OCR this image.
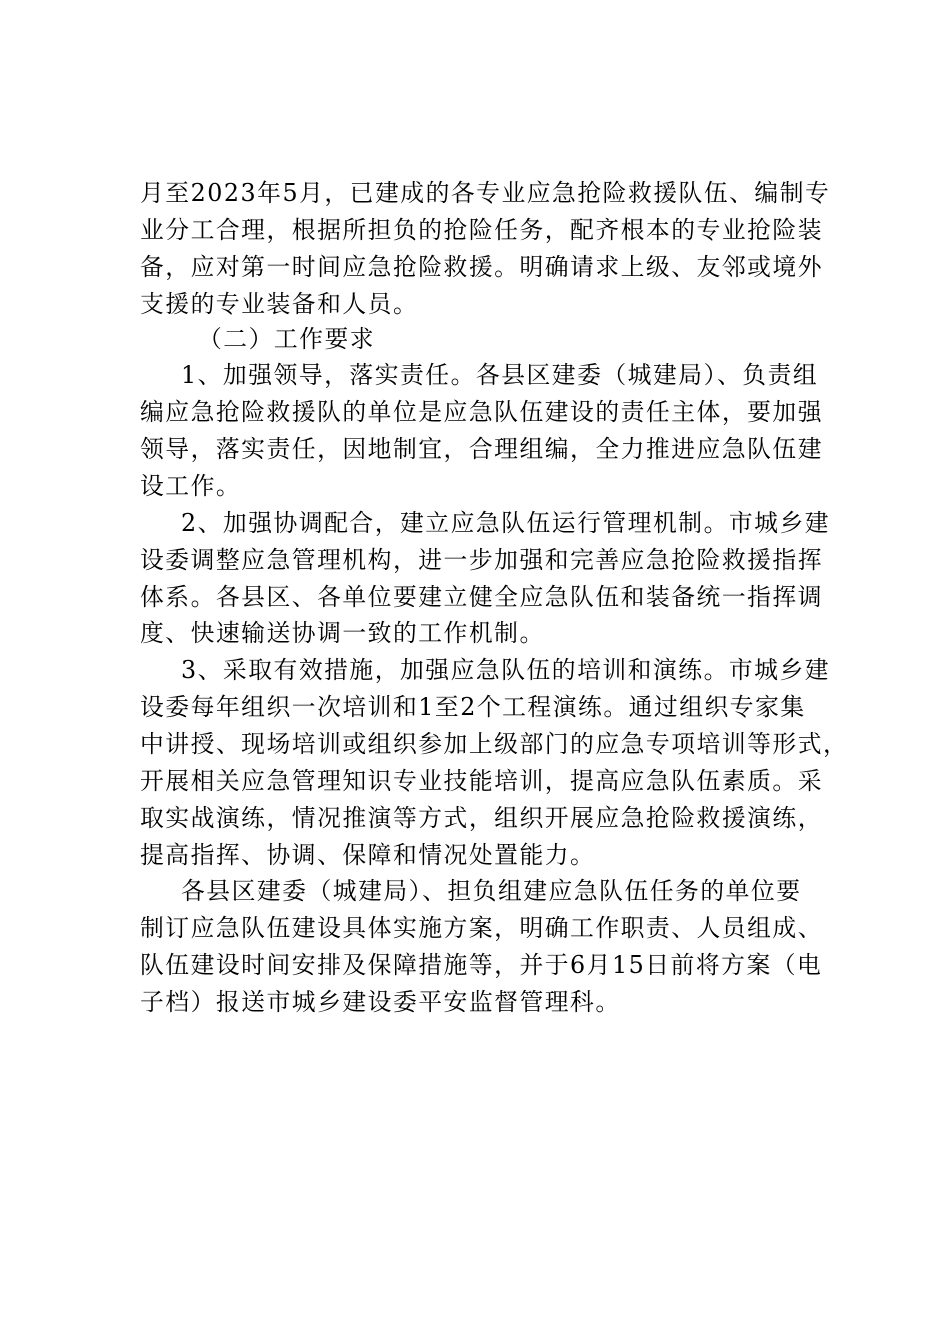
月至2023年5月，已建成的各专业应急抢险救援队伍、编制专

业分工合理，根据所担负的抢险任务，配齐根本的专业抢险装

备，应对第一时间应急抢险救援。明确请求上级、友邻或境外

支援的专业装备和人员。

（二）工作要求

1、加强领导，落实责任。各县区建委（城建局）、负责组

编应急抢险救援队的单位是应急队伍建设的责任主体，要加强

领导，落实责任，因地制宜，合理组编，全力推进应急队伍建

设工作。

2、加强协调配合，建立应急队伍运行管理机制。市城乡建

设委调整应急管理机构，进一步加强和完善应急抢险救援指挥

体系。各县区、各单位要建立健全应急队伍和装备统一指挥调

度、快速输送协调一致的工作机制。

3、采取有效措施，加强应急队伍的培训和演练。市城乡建

设委每年组织一次培训和1至2个工程演练。通过组织专家集

中讲授、现场培训或组织参加上级部门的应急专项培训等形式，

开展相关应急管理知识专业技能培训，提高应急队伍素质。采

取实战演练，情况推演等方式，组织开展应急抢险救援演练，

提高指挥、协调、保障和情况处置能力。

各县区建委（城建局）、担负组建应急队伍任务的单位要

制订应急队伍建设具体实施方案，明确工作职责、人员组成、

队伍建设时间安排及保障措施等，并于6月15日前将方案（电

子档）报送市城乡建设委平安监督管理科。
